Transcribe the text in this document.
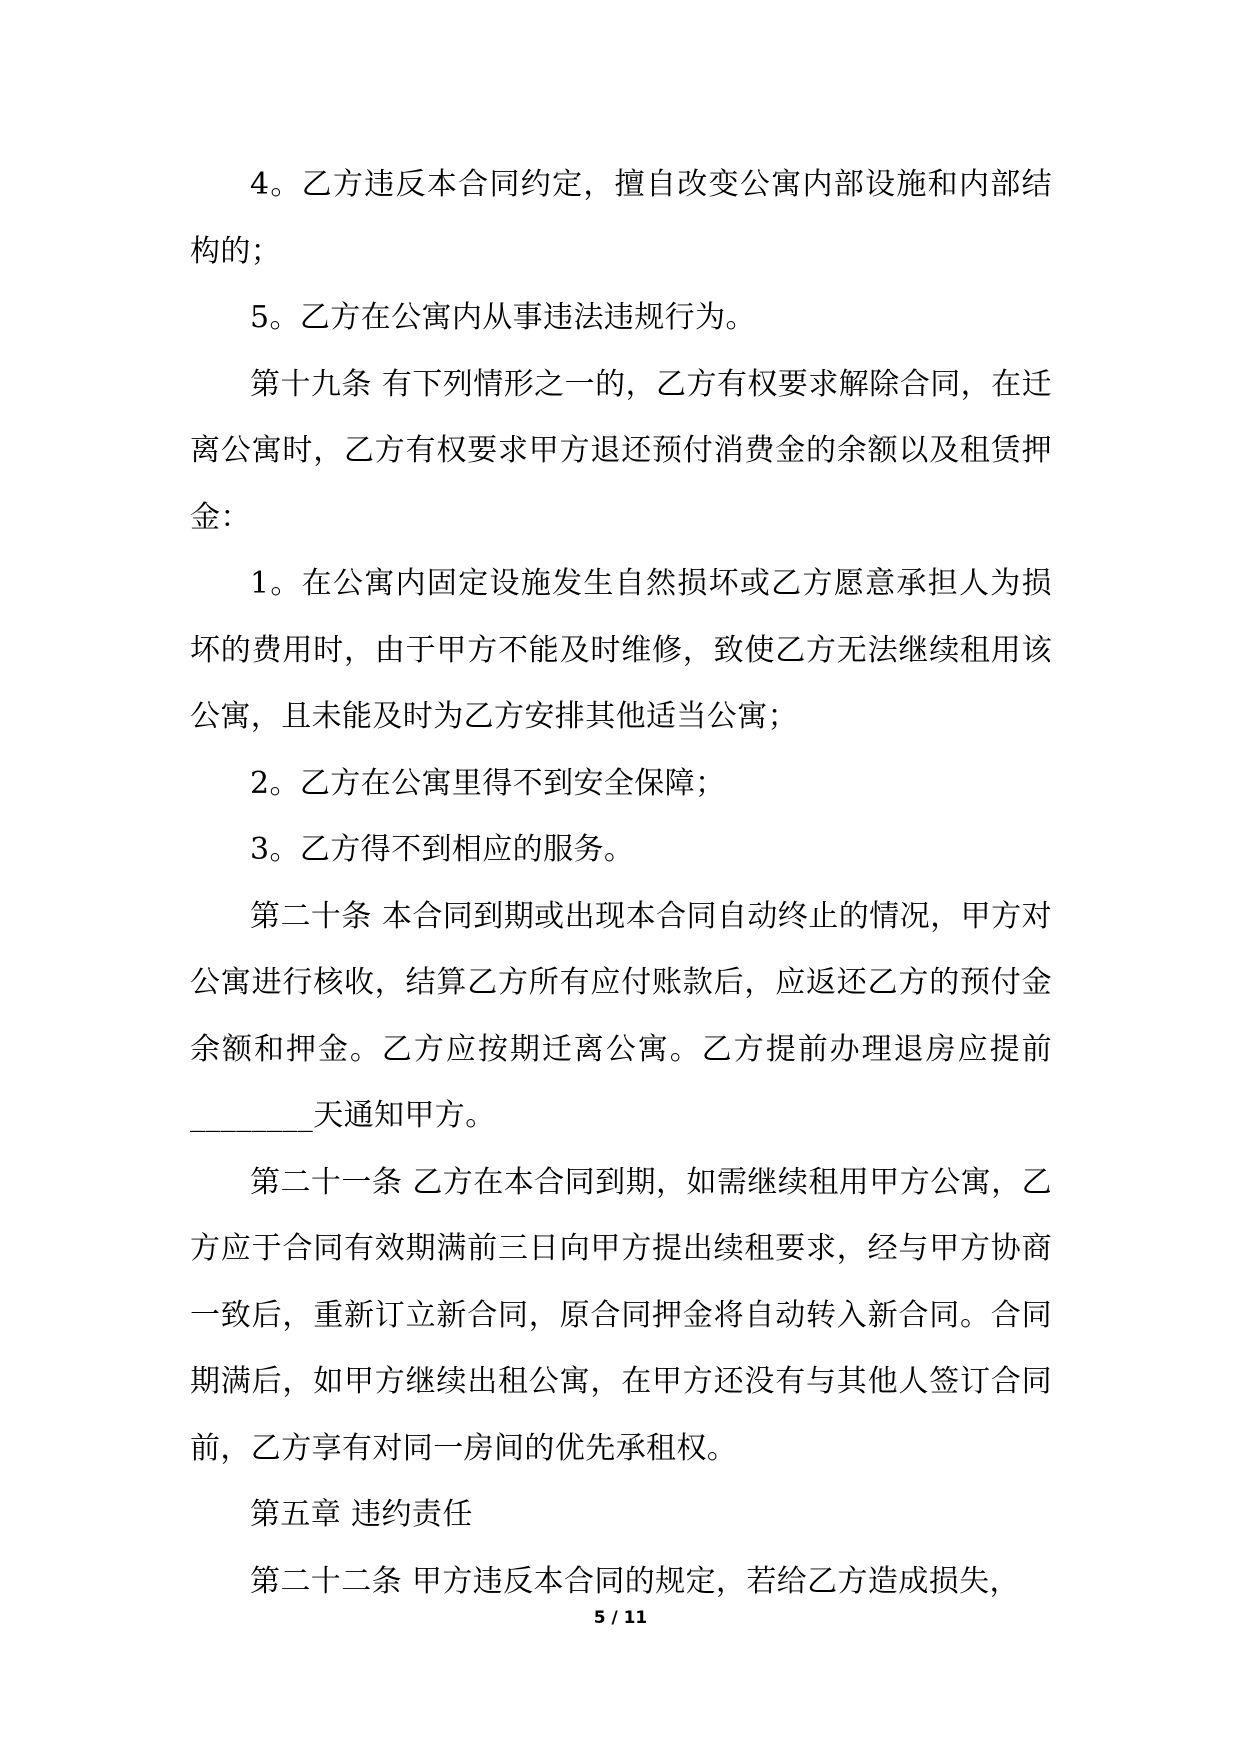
4。乙方违反本合同约定，擅自改变公寓内部设施和内部结构的；

5。乙方在公寓内从事违法违规行为。

第十九条 有下列情形之一的，乙方有权要求解除合同，在迁离公寓时，乙方有权要求甲方退还预付消费金的余额以及租赁押金：

1。在公寓内固定设施发生自然损坏或乙方愿意承担人为损坏的费用时，由于甲方不能及时维修，致使乙方无法继续租用该公寓，且未能及时为乙方安排其他适当公寓；

2。乙方在公寓里得不到安全保障；

3。乙方得不到相应的服务。

第二十条 本合同到期或出现本合同自动终止的情况，甲方对公寓进行核收，结算乙方所有应付账款后，应返还乙方的预付金余额和押金。乙方应按期迁离公寓。乙方提前办理退房应提前________天通知甲方。

第二十一条 乙方在本合同到期，如需继续租用甲方公寓，乙方应于合同有效期满前三日向甲方提出续租要求，经与甲方协商一致后，重新订立新合同，原合同押金将自动转入新合同。合同期满后，如甲方继续出租公寓，在甲方还没有与其他人签订合同前，乙方享有对同一房间的优先承租权。

第五章 违约责任

第二十二条 甲方违反本合同的规定，若给乙方造成损失，

5 / 11
